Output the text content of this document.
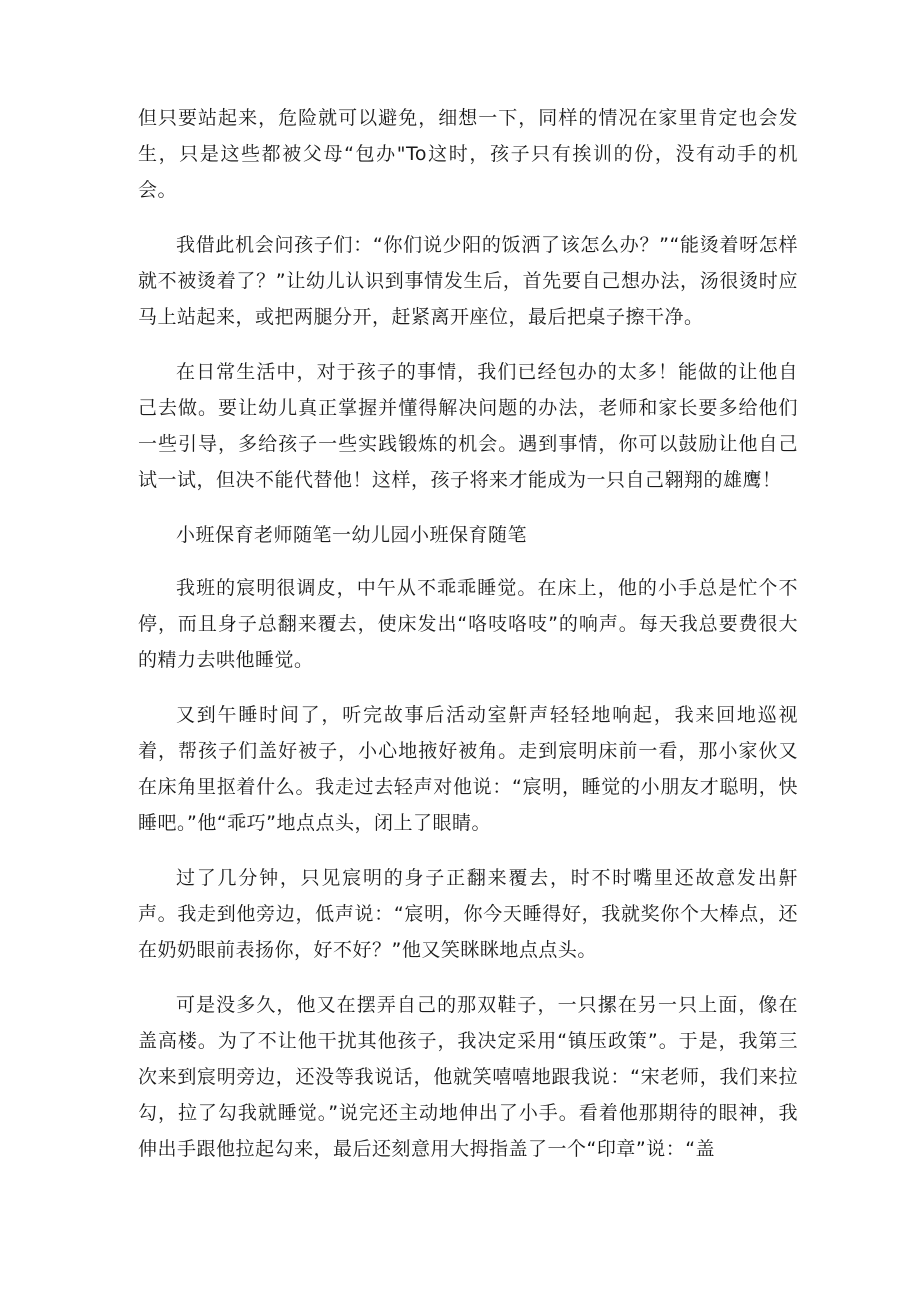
但只要站起来，危险就可以避免，细想一下，同样的情况在家里肯定也会发生，只是这些都被父母“包办"To这时，孩子只有挨训的份，没有动手的机会。

我借此机会问孩子们：“你们说少阳的饭洒了该怎么办？”“能烫着呀怎样就不被烫着了？”让幼儿认识到事情发生后，首先要自己想办法，汤很烫时应马上站起来，或把两腿分开，赶紧离开座位，最后把桌子擦干净。

在日常生活中，对于孩子的事情，我们已经包办的太多！能做的让他自己去做。要让幼儿真正掌握并懂得解决问题的办法，老师和家长要多给他们一些引导，多给孩子一些实践锻炼的机会。遇到事情，你可以鼓励让他自己试一试，但决不能代替他！这样，孩子将来才能成为一只自己翱翔的雄鹰！

小班保育老师随笔一幼儿园小班保育随笔

我班的宸明很调皮，中午从不乖乖睡觉。在床上，他的小手总是忙个不停，而且身子总翻来覆去，使床发出“咯吱咯吱”的响声。每天我总要费很大的精力去哄他睡觉。

又到午睡时间了，听完故事后活动室鼾声轻轻地响起，我来回地巡视着，帮孩子们盖好被子，小心地掖好被角。走到宸明床前一看，那小家伙又在床角里抠着什么。我走过去轻声对他说：“宸明，睡觉的小朋友才聪明，快睡吧。”他“乖巧”地点点头，闭上了眼睛。

过了几分钟，只见宸明的身子正翻来覆去，时不时嘴里还故意发出鼾声。我走到他旁边，低声说：“宸明，你今天睡得好，我就奖你个大棒点，还在奶奶眼前表扬你，好不好？”他又笑眯眯地点点头。

可是没多久，他又在摆弄自己的那双鞋子，一只摞在另一只上面，像在盖高楼。为了不让他干扰其他孩子，我决定采用“镇压政策”。于是，我第三次来到宸明旁边，还没等我说话，他就笑嘻嘻地跟我说：“宋老师，我们来拉勾，拉了勾我就睡觉。”说完还主动地伸出了小手。看着他那期待的眼神，我伸出手跟他拉起勾来，最后还刻意用大拇指盖了一个“印章”说：“盖
